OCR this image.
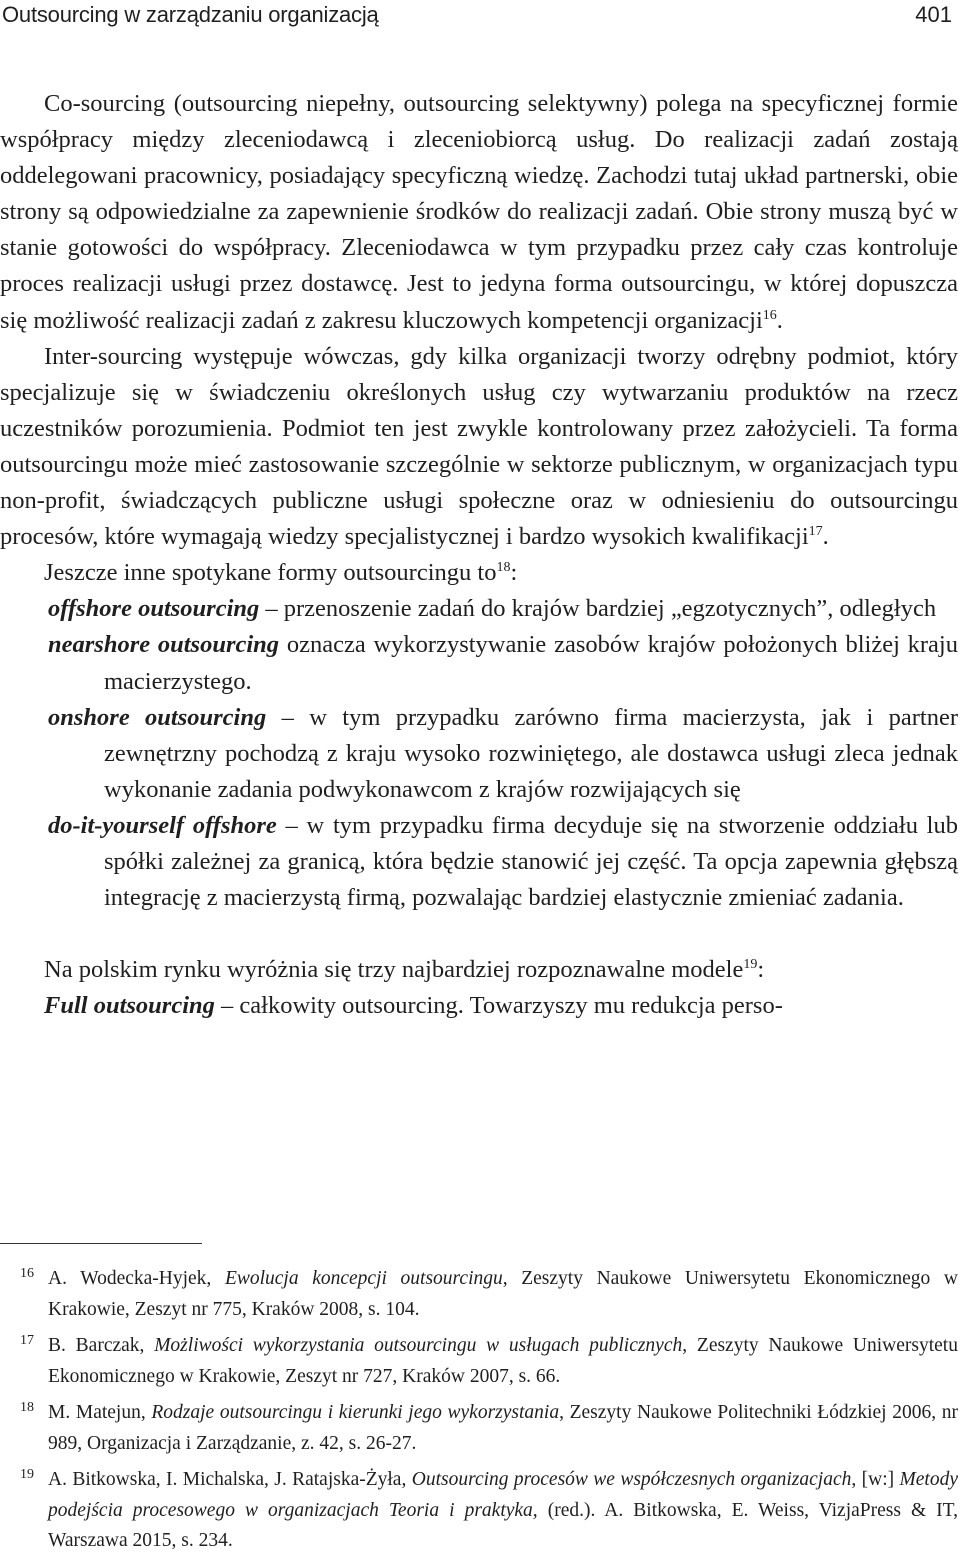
Outsourcing w zarządzaniu organizacją	401

Co-sourcing (outsourcing niepełny, outsourcing selektywny) polega na specyficznej formie współpracy między zleceniodawcą i zleceniobiorcą usług. Do realizacji zadań zostają oddelegowani pracownicy, posiadający specyficzną wiedzę. Zachodzi tutaj układ partnerski, obie strony są odpowiedzialne za zapewnienie środków do realizacji zadań. Obie strony muszą być w stanie gotowości do współpracy. Zleceniodawca w tym przypadku przez cały czas kontroluje proces realizacji usługi przez dostawcę. Jest to jedyna forma outsourcingu, w której dopuszcza się możliwość realizacji zadań z zakresu kluczowych kompetencji organizacji$^{16}$.

Inter-sourcing występuje wówczas, gdy kilka organizacji tworzy odrębny podmiot, który specjalizuje się w świadczeniu określonych usług czy wytwarzaniu produktów na rzecz uczestników porozumienia. Podmiot ten jest zwykle kontrolowany przez założycieli. Ta forma outsourcingu może mieć zastosowanie szczególnie w sektorze publicznym, w organizacjach typu non-profit, świadczących publiczne usługi społeczne oraz w odniesieniu do outsourcingu procesów, które wymagają wiedzy specjalistycznej i bardzo wysokich kwalifikacji$^{17}$.

Jeszcze inne spotykane formy outsourcingu $to^{18}$:

offshore outsourcing – przenoszenie zadań do krajów bardziej „egzotycznych”, odległych

nearshore outsourcing oznacza wykorzystywanie zasobów krajów położonych bliżej kraju macierzystego.

onshore outsourcing – w tym przypadku zarówno firma macierzysta, jak i partner zewnętrzny pochodzą z kraju wysoko rozwiniętego, ale dostawca usługi zleca jednak wykonanie zadania podwykonawcom z krajów rozwijających się

do-it-yourself offshore – w tym przypadku firma decyduje się na stworzenie oddziału lub spółki zależnej za granicą, która będzie stanowić jej część. Ta opcja zapewnia głębszą integrację z macierzystą firmą, pozwalając bardziej elastycznie zmieniać zadania.

Na polskim rynku wyróżnia się trzy najbardziej rozpoznawalne modele$^{19}$:

Full outsourcing – całkowity outsourcing. Towarzyszy mu redukcja perso-

16 A. Wodecka-Hyjek, Ewolucja koncepcji outsourcingu, Zeszyty Naukowe Uniwersytetu Ekonomicznego w Krakowie, Zeszyt nr 775, Kraków 2008, s. 104.
17 B. Barczak, Możliwości wykorzystania outsourcingu w usługach publicznych, Zeszyty Naukowe Uniwersytetu Ekonomicznego w Krakowie, Zeszyt nr 727, Kraków 2007, s. 66.
18 M. Matejun, Rodzaje outsourcingu i kierunki jego wykorzystania, Zeszyty Naukowe Politechniki Łódzkiej 2006, nr 989, Organizacja i Zarządzanie, z. 42, s. 26-27.
19 A. Bitkowska, I. Michalska, J. Ratajska-Żyła, Outsourcing procesów we współczesnych organizacjach, [w:] Metody podejścia procesowego w organizacjach Teoria i praktyka, (red.). A. Bitkowska, E. Weiss, VizjaPress & IT, Warszawa 2015, s. 234.
